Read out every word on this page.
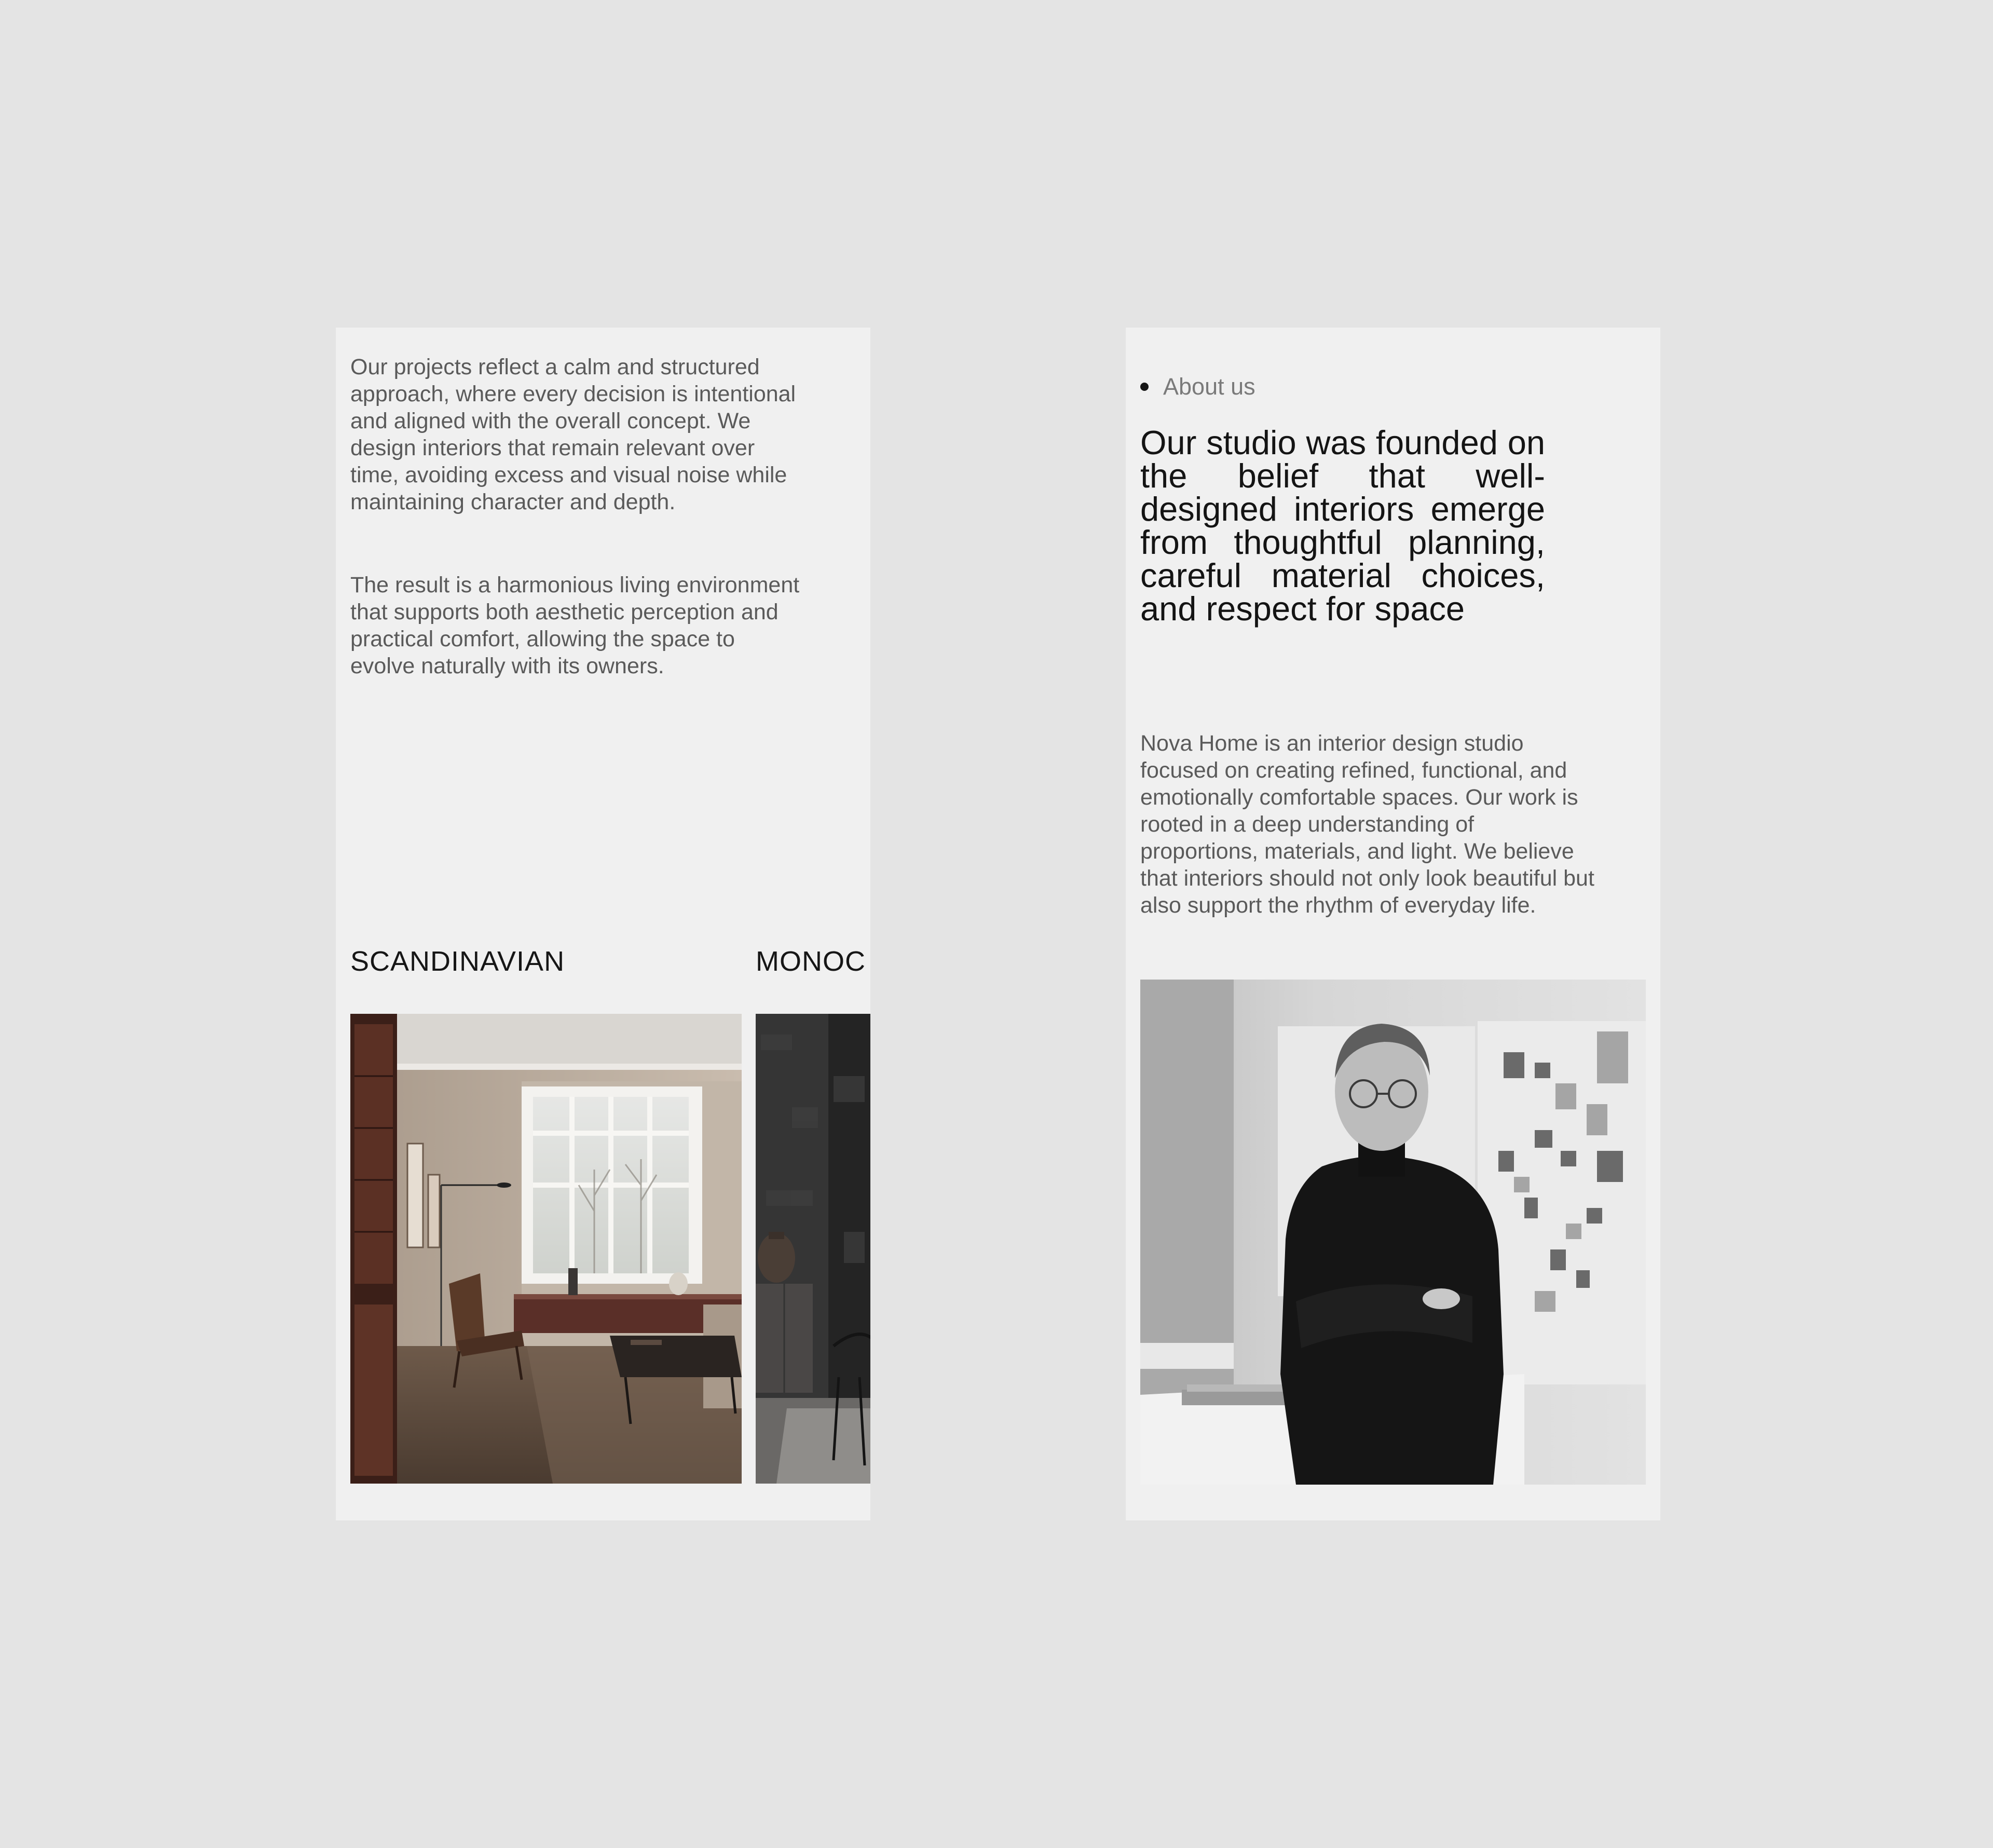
Our projects reflect a calm and structured approach, where every decision is intentional and aligned with the overall concept. We design interiors that remain relevant over time, avoiding excess and visual noise while maintaining character and depth.

The result is a harmonious living environment that supports both aesthetic perception and practical comfort, allowing the space to evolve naturally with its owners.

SCANDINAVIAN	MONOC
About us
Our studio was founded on the belief that well-designed interiors emerge from thoughtful planning, careful material choices, and respect for space

Nova Home is an interior design studio focused on creating refined, functional, and emotionally comfortable spaces. Our work is rooted in a deep understanding of proportions, materials, and light. We believe that interiors should not only look beautiful but also support the rhythm of everyday life.
